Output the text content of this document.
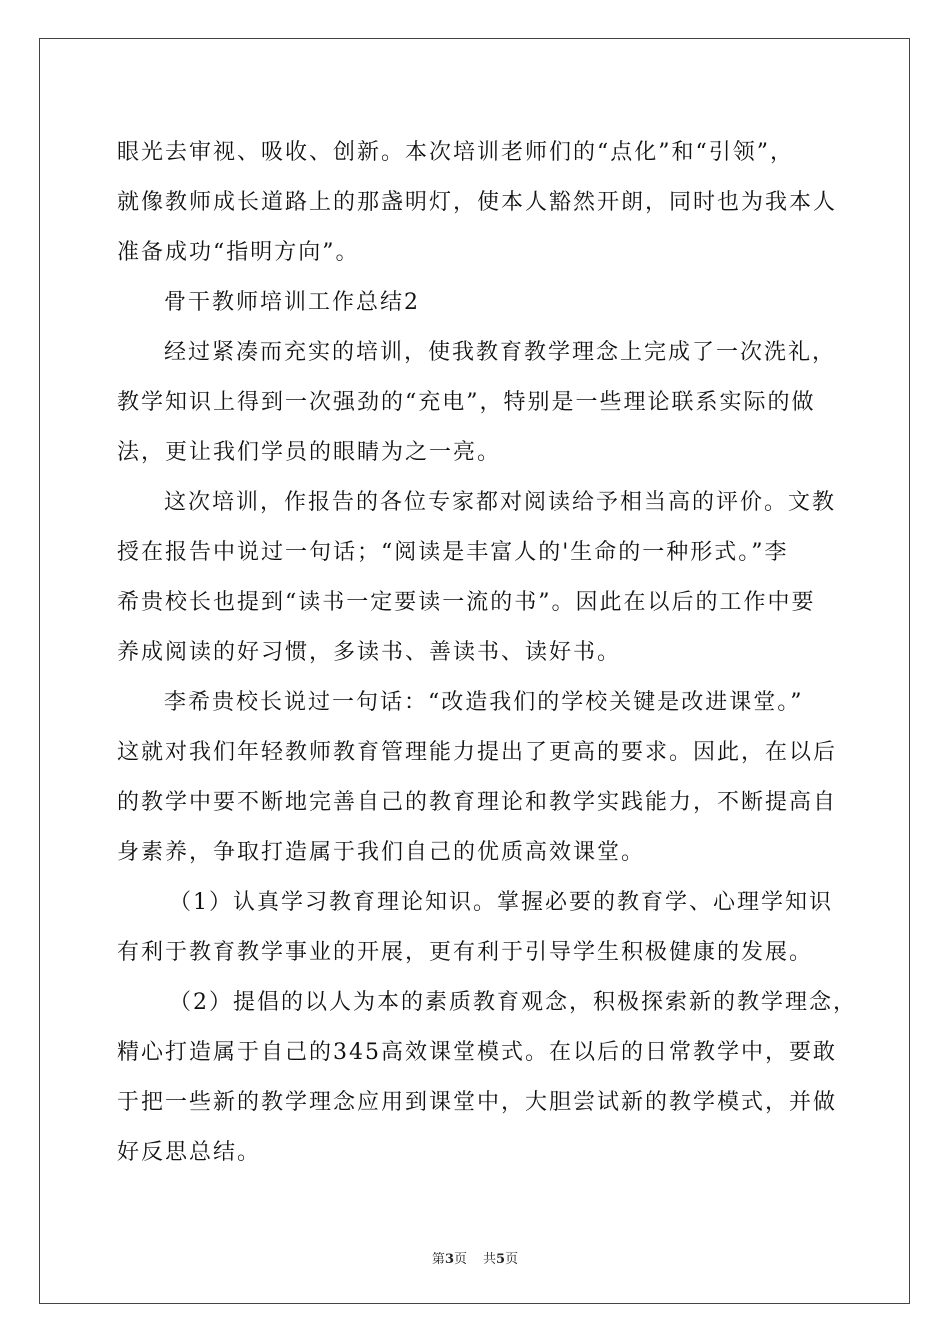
眼光去审视、吸收、创新。本次培训老师们的“点化”和“引领”，
就像教师成长道路上的那盏明灯，使本人豁然开朗，同时也为我本人
准备成功“指明方向”。
骨干教师培训工作总结2
经过紧凑而充实的培训，使我教育教学理念上完成了一次洗礼，
教学知识上得到一次强劲的“充电”，特别是一些理论联系实际的做
法，更让我们学员的眼睛为之一亮。
这次培训，作报告的各位专家都对阅读给予相当高的评价。文教
授在报告中说过一句话；“阅读是丰富人的'生命的一种形式。”李
希贵校长也提到“读书一定要读一流的书”。因此在以后的工作中要
养成阅读的好习惯，多读书、善读书、读好书。
李希贵校长说过一句话：“改造我们的学校关键是改进课堂。”
这就对我们年轻教师教育管理能力提出了更高的要求。因此，在以后
的教学中要不断地完善自己的教育理论和教学实践能力，不断提高自
身素养，争取打造属于我们自己的优质高效课堂。
（1）认真学习教育理论知识。掌握必要的教育学、心理学知识
有利于教育教学事业的开展，更有利于引导学生积极健康的发展。
（2）提倡的以人为本的素质教育观念，积极探索新的教学理念，
精心打造属于自己的345高效课堂模式。在以后的日常教学中，要敢
于把一些新的教学理念应用到课堂中，大胆尝试新的教学模式，并做
好反思总结。
第3页 共5页
